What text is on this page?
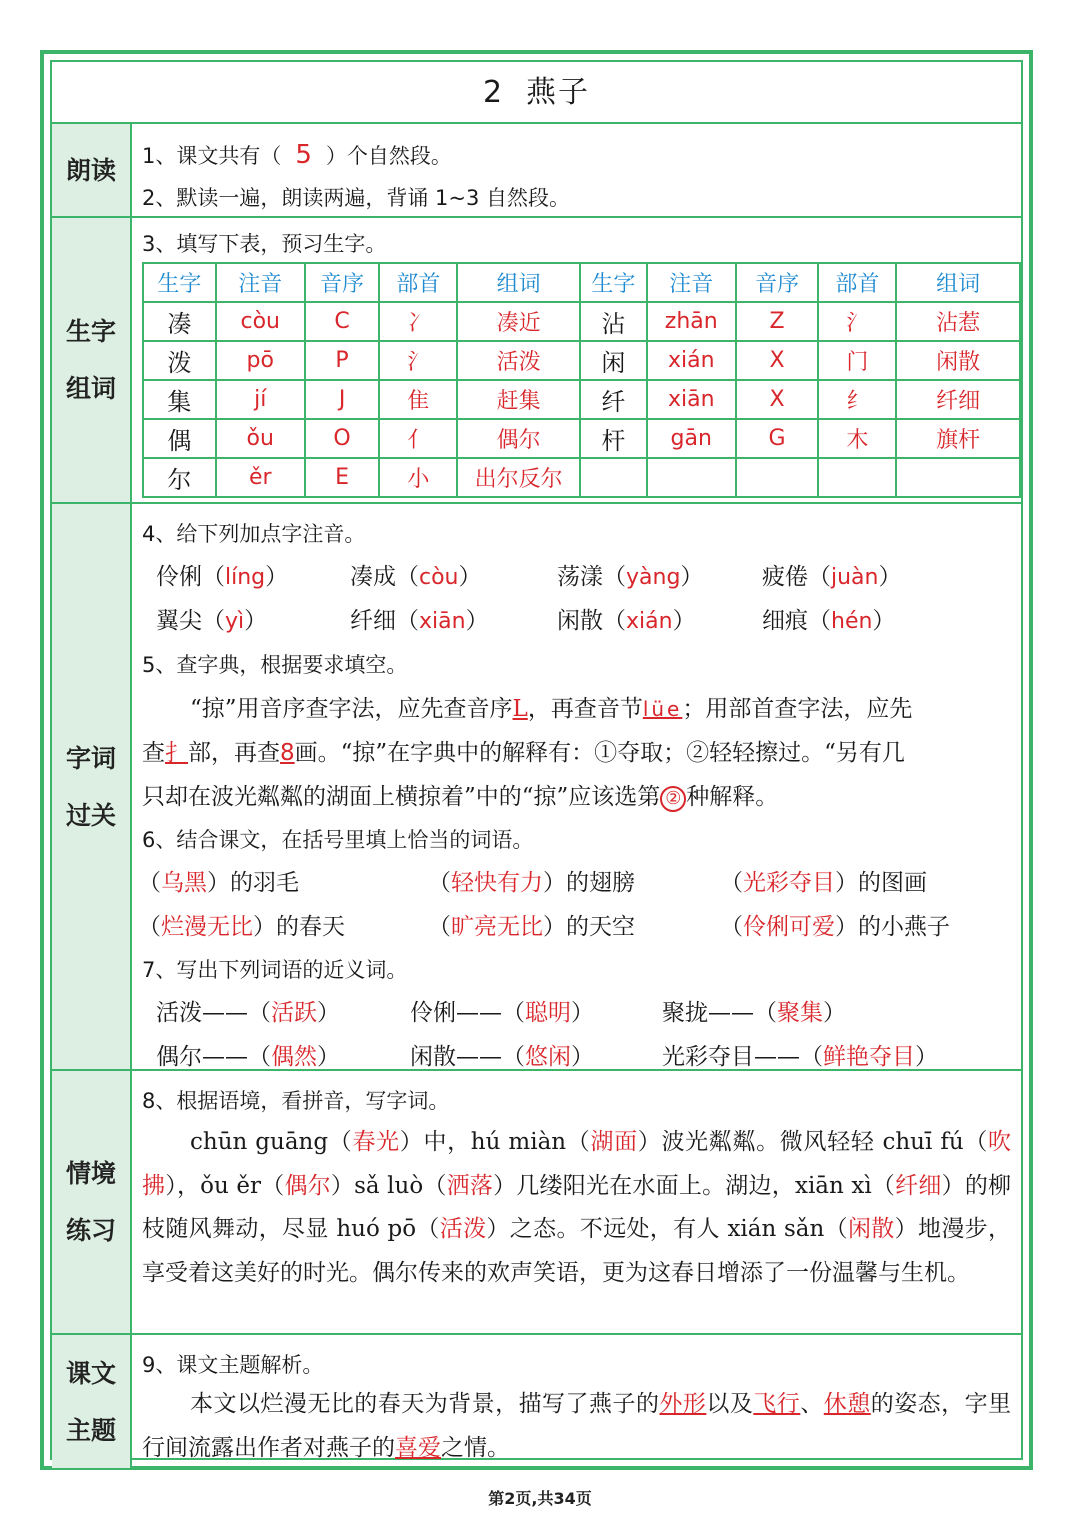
2 燕子
朗读 1、课文共有（ 5 ）个自然段。
2、默读一遍，朗读两遍，背诵 1~3 自然段。
生字
组词
3、填写下表，预习生字。
生字	注音	音序	部首	组词	生字	注音	音序	部首	组词
凑	còu	C	冫	凑近	沾	zhān	Z	氵	沾惹
泼	pō	P	氵	活泼	闲	xián	X	门	闲散
集	jí	J	隹	赶集	纤	xiān	X	纟	纤细
偶	ǒu	O	亻	偶尔	杆	gān	G	木	旗杆
尔	ěr	E	小	出尔反尔					
字词
过关
4、给下列加点字注音。
伶俐（líng）	凑成（còu）	荡漾（yàng）	疲倦（juàn）
翼尖（yì）	纤细（xiān）	闲散（xián）	细痕（hén）
5、查字典，根据要求填空。
“掠”用音序查字法，应先查音序L，再查音节lüe；用部首查字法，应先
查扌部，再查8画。“掠”在字典中的解释有：①夺取；②轻轻擦过。“另有几
只却在波光粼粼的湖面上横掠着”中的“掠”应该选第 ② 种解释。
6、结合课文，在括号里填上恰当的词语。
（乌黑）的羽毛	（轻快有力）的翅膀	（光彩夺目）的图画
（烂漫无比）的春天	（旷亮无比）的天空	（伶俐可爱）的小燕子
7、写出下列词语的近义词。
活泼——（活跃）	伶俐——（聪明）	聚拢——（聚集）
偶尔——（偶然）	闲散——（悠闲）	光彩夺目——（鲜艳夺目）
情境
练习
8、根据语境，看拼音，写字词。
chūn guāng（春光）中，hú miàn（湖面）波光粼粼。微风轻轻 chuī fú（吹拂），ǒu ěr（偶尔）sǎ luò（洒落）几缕阳光在水面上。湖边，xiān xì（纤细）的柳枝随风舞动，尽显 huó pō（活泼）之态。不远处，有人 xián sǎn（闲散）地漫步，享受着这美好的时光。偶尔传来的欢声笑语，更为这春日增添了一份温馨与生机。
课文
主题
9、课文主题解析。
本文以烂漫无比的春天为背景，描写了燕子的外形以及飞行、休憩的姿态，字里行间流露出作者对燕子的喜爱之情。
第2页,共34页
